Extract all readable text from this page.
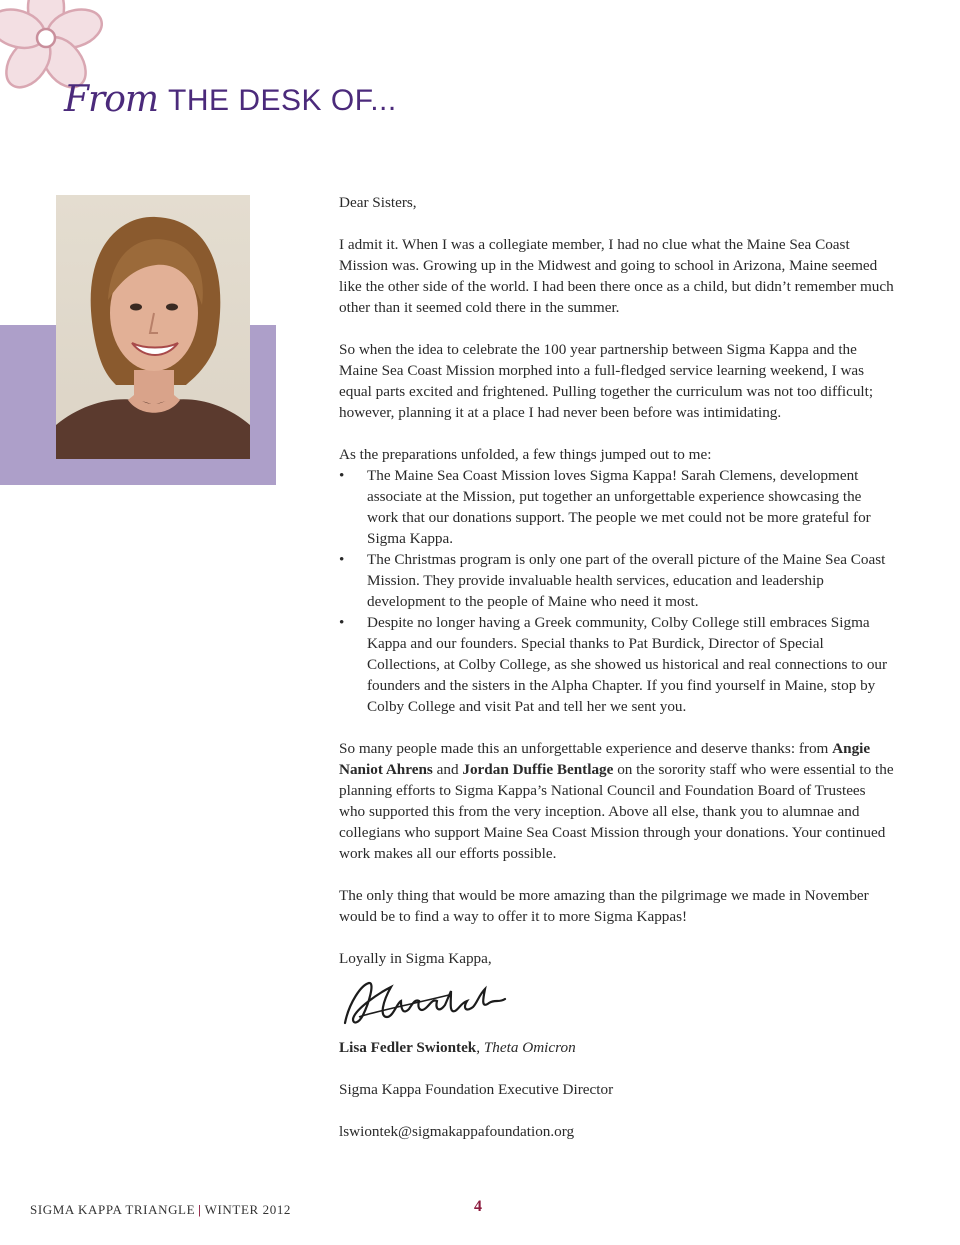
From THE DESK OF...

Dear Sisters,

I admit it. When I was a collegiate member, I had no clue what the Maine Sea Coast Mission was. Growing up in the Midwest and going to school in Arizona, Maine seemed like the other side of the world. I had been there once as a child, but didn’t remember much other than it seemed cold there in the summer.

So when the idea to celebrate the 100 year partnership between Sigma Kappa and the Maine Sea Coast Mission morphed into a full-fledged service learning weekend, I was equal parts excited and frightened. Pulling together the curriculum was not too difficult; however, planning it at a place I had never been before was intimidating.

As the preparations unfolded, a few things jumped out to me:

• The Maine Sea Coast Mission loves Sigma Kappa! Sarah Clemens, development associate at the Mission, put together an unforgettable experience showcasing the work that our donations support. The people we met could not be more grateful for Sigma Kappa.
• The Christmas program is only one part of the overall picture of the Maine Sea Coast Mission. They provide invaluable health services, education and leadership development to the people of Maine who need it most.
• Despite no longer having a Greek community, Colby College still embraces Sigma Kappa and our founders. Special thanks to Pat Burdick, Director of Special Collections, at Colby College, as she showed us historical and real connections to our founders and the sisters in the Alpha Chapter. If you find yourself in Maine, stop by Colby College and visit Pat and tell her we sent you.

So many people made this an unforgettable experience and deserve thanks: from Angie Naniot Ahrens and Jordan Duffie Bentlage on the sorority staff who were essential to the planning efforts to Sigma Kappa’s National Council and Foundation Board of Trustees who supported this from the very inception. Above all else, thank you to alumnae and collegians who support Maine Sea Coast Mission through your donations. Your continued work makes all our efforts possible.

The only thing that would be more amazing than the pilgrimage we made in November would be to find a way to offer it to more Sigma Kappas!

Loyally in Sigma Kappa,

Lisa Fedler Swiontek, Theta Omicron

Sigma Kappa Foundation Executive Director

lswiontek@sigmakappafoundation.org

SIGMA KAPPA TRIANGLE | WINTER 2012	4
